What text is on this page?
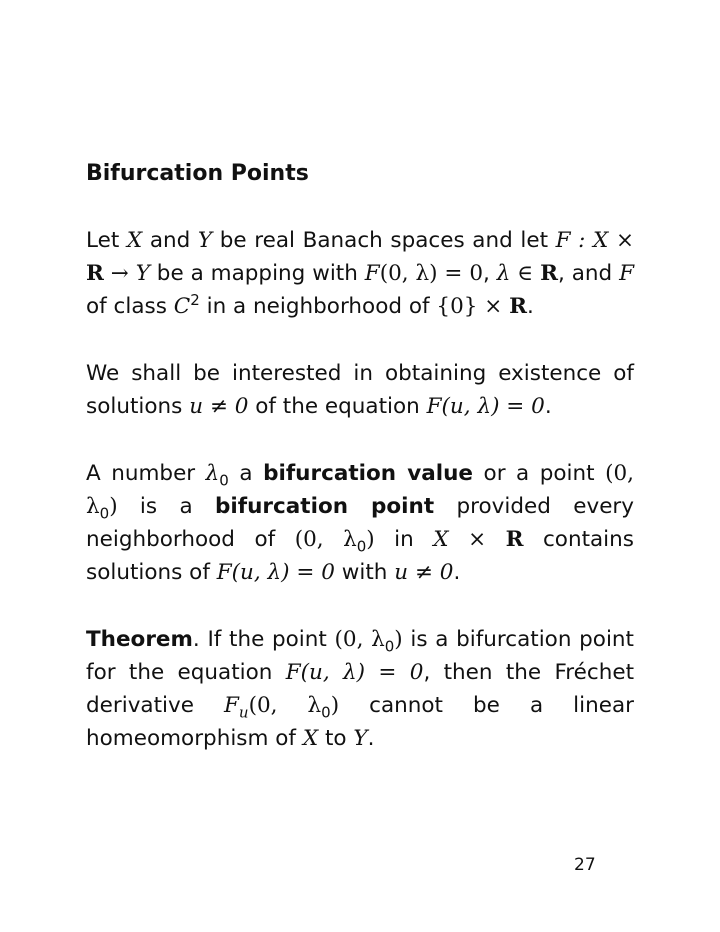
Bifurcation Points

Let X and Y be real Banach spaces and let F : X × R → Y be a mapping with F(0, λ) = 0, λ ∈ R, and F of class $C^2$ in a neighborhood of {0} × R.

We shall be interested in obtaining existence of solutions u ≠ 0 of the equation F(u, λ) = 0.

A number $\lambda_0$ a bifurcation value or a point (0, $\lambda_0$) is a bifurcation point provided every neighborhood of (0, $\lambda_0$) in X × R contains solutions of F(u, λ) = 0 with u ≠ 0.

Theorem. If the point (0, $\lambda_0$) is a bifurcation point for the equation F(u, λ) = 0, then the Fréchet derivative $F_u(0$, $\lambda_0$) cannot be a linear homeomorphism of X to Y.

27
